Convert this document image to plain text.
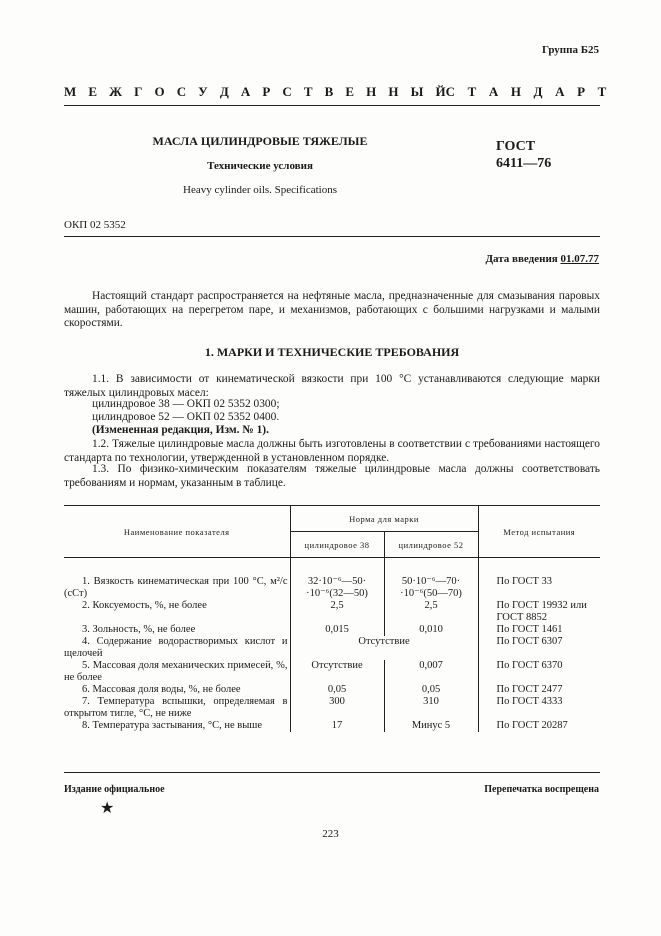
Группа Б25
М Е Ж Г О С У Д А Р С Т В Е Н Н Ы Й С Т А Н Д А Р Т
МАСЛА ЦИЛИНДРОВЫЕ ТЯЖЕЛЫЕ
Технические условия
Heavy cylinder oils. Specifications
ГОСТ
6411—76
ОКП 02 5352
Дата введения 01.07.77

Настоящий стандарт распространяется на нефтяные масла, предназначенные для смазывания паровых машин, работающих на перегретом паре, и механизмов, работающих с большими нагрузками и малыми скоростями.

1. МАРКИ И ТЕХНИЧЕСКИЕ ТРЕБОВАНИЯ

1.1. В зависимости от кинематической вязкости при 100 °С устанавливаются следующие марки тяжелых цилиндровых масел:

цилиндровое 38 — ОКП 02 5352 0300;

цилиндровое 52 — ОКП 02 5352 0400.

(Измененная редакция, Изм. № 1).

1.2. Тяжелые цилиндровые масла должны быть изготовлены в соответствии с требованиями настоящего стандарта по технологии, утвержденной в установленном порядке.

1.3. По физико-химическим показателям тяжелые цилиндровые масла должны соответствовать требованиям и нормам, указанным в таблице.

Наименование показателя	Норма для марки		Метод испытания
	цилиндровое 38	цилиндровое 52	

1. Вязкость кинематическая при 100 °С, м²/с (сСт)	32·10⁻⁶—50· ·10⁻⁶(32—50)	50·10⁻⁶—70· ·10⁻⁶(50—70)	По ГОСТ 33
2. Коксуемость, %, не более	2,5	2,5	По ГОСТ 19932 или ГОСТ 8852
3. Зольность, %, не более	0,015	0,010	По ГОСТ 1461
4. Содержание водорастворимых кислот и щелочей	Отсутствие		По ГОСТ 6307
5. Массовая доля механических примесей, %, не более	Отсутствие	0,007	По ГОСТ 6370
6. Массовая доля воды, %, не более	0,05	0,05	По ГОСТ 2477
7. Температура вспышки, определяемая в открытом тигле, °С, не ниже	300	310	По ГОСТ 4333
8. Температура застывания, °С, не выше	17	Минус 5	По ГОСТ 20287
Издание официальное	Перепечатка воспрещена
★
223
